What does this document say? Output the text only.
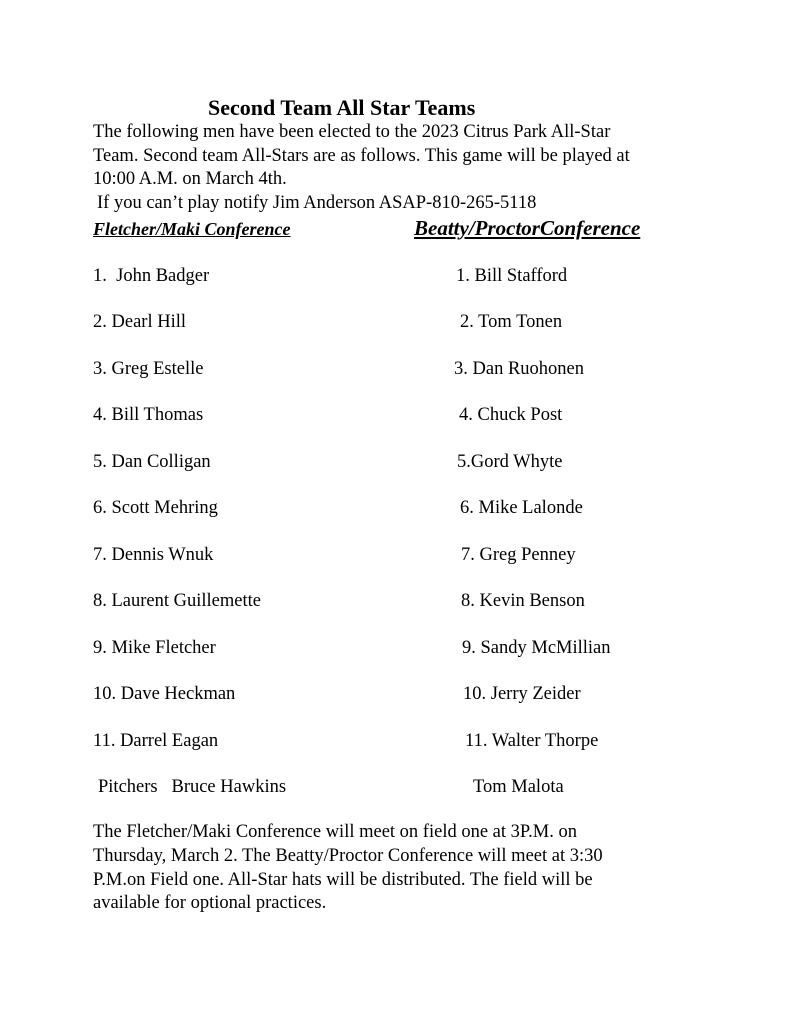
Second Team All Star Teams

The following men have been elected to the 2023 Citrus Park All-Star

Team. Second team All-Stars are as follows. This game will be played at

10:00 A.M. on March 4th.

If you can’t play notify Jim Anderson ASAP-810-265-5118

Fletcher/Maki Conference	Beatty/ProctorConference
1.  John Badger
2. Dearl Hill
3. Greg Estelle
4. Bill Thomas
5. Dan Colligan
6. Scott Mehring
7. Dennis Wnuk
8. Laurent Guillemette
9. Mike Fletcher
10. Dave Heckman
11. Darrel Eagan
Pitchers   Bruce Hawkins
1. Bill Stafford
2. Tom Tonen
3. Dan Ruohonen
4. Chuck Post
5.Gord Whyte
6. Mike Lalonde
7. Greg Penney
8. Kevin Benson
9. Sandy McMillian
10. Jerry Zeider
11. Walter Thorpe
Tom Malota
The Fletcher/Maki Conference will meet on field one at 3P.M. on
Thursday, March 2. The Beatty/Proctor Conference will meet at 3:30
P.M.on Field one. All-Star hats will be distributed. The field will be
available for optional practices.
